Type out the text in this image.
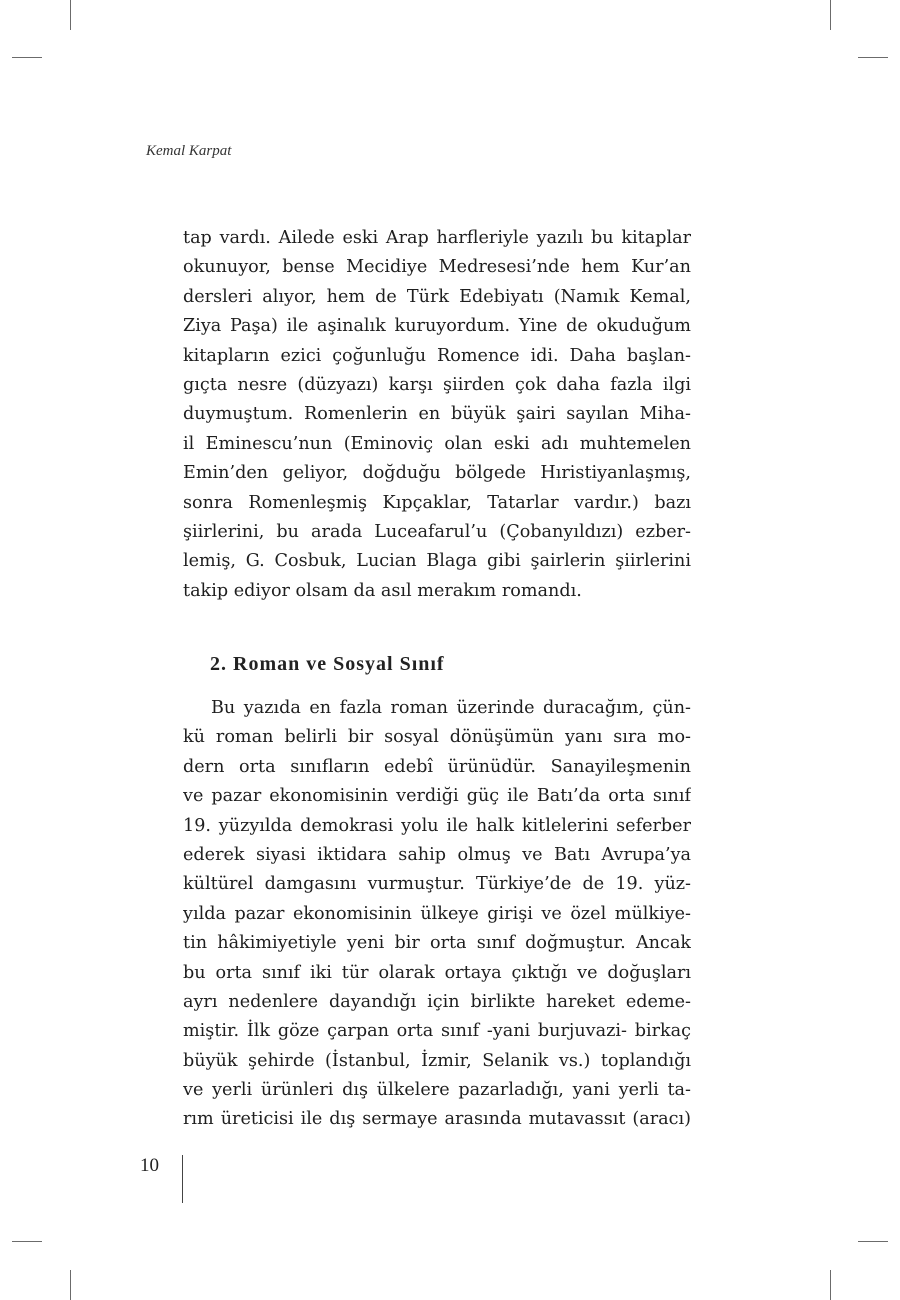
Kemal Karpat
tap vardı. Ailede eski Arap harfleriyle yazılı bu kitaplar
okunuyor, bense Mecidiye Medresesi’nde hem Kur’an
dersleri alıyor, hem de Türk Edebiyatı (Namık Kemal,
Ziya Paşa) ile aşinalık kuruyordum. Yine de okuduğum
kitapların ezici çoğunluğu Romence idi. Daha başlan-
gıçta nesre (düzyazı) karşı şiirden çok daha fazla ilgi
duymuştum. Romenlerin en büyük şairi sayılan Miha-
il Eminescu’nun (Eminoviç olan eski adı muhtemelen
Emin’den geliyor, doğduğu bölgede Hıristiyanlaşmış,
sonra Romenleşmiş Kıpçaklar, Tatarlar vardır.) bazı
şiirlerini, bu arada Luceafarul’u (Çobanyıldızı) ezber-
lemiş, G. Cosbuk, Lucian Blaga gibi şairlerin şiirlerini
takip ediyor olsam da asıl merakım romandı.
2. Roman ve Sosyal Sınıf
Bu yazıda en fazla roman üzerinde duracağım, çün-
kü roman belirli bir sosyal dönüşümün yanı sıra mo-
dern orta sınıfların edebî ürünüdür. Sanayileşmenin
ve pazar ekonomisinin verdiği güç ile Batı’da orta sınıf
19. yüzyılda demokrasi yolu ile halk kitlelerini seferber
ederek siyasi iktidara sahip olmuş ve Batı Avrupa’ya
kültürel damgasını vurmuştur. Türkiye’de de 19. yüz-
yılda pazar ekonomisinin ülkeye girişi ve özel mülkiye-
tin hâkimiyetiyle yeni bir orta sınıf doğmuştur. Ancak
bu orta sınıf iki tür olarak ortaya çıktığı ve doğuşları
ayrı nedenlere dayandığı için birlikte hareket edeme-
miştir. İlk göze çarpan orta sınıf -yani burjuvazi- birkaç
büyük şehirde (İstanbul, İzmir, Selanik vs.) toplandığı
ve yerli ürünleri dış ülkelere pazarladığı, yani yerli ta-
rım üreticisi ile dış sermaye arasında mutavassıt (aracı)
10
